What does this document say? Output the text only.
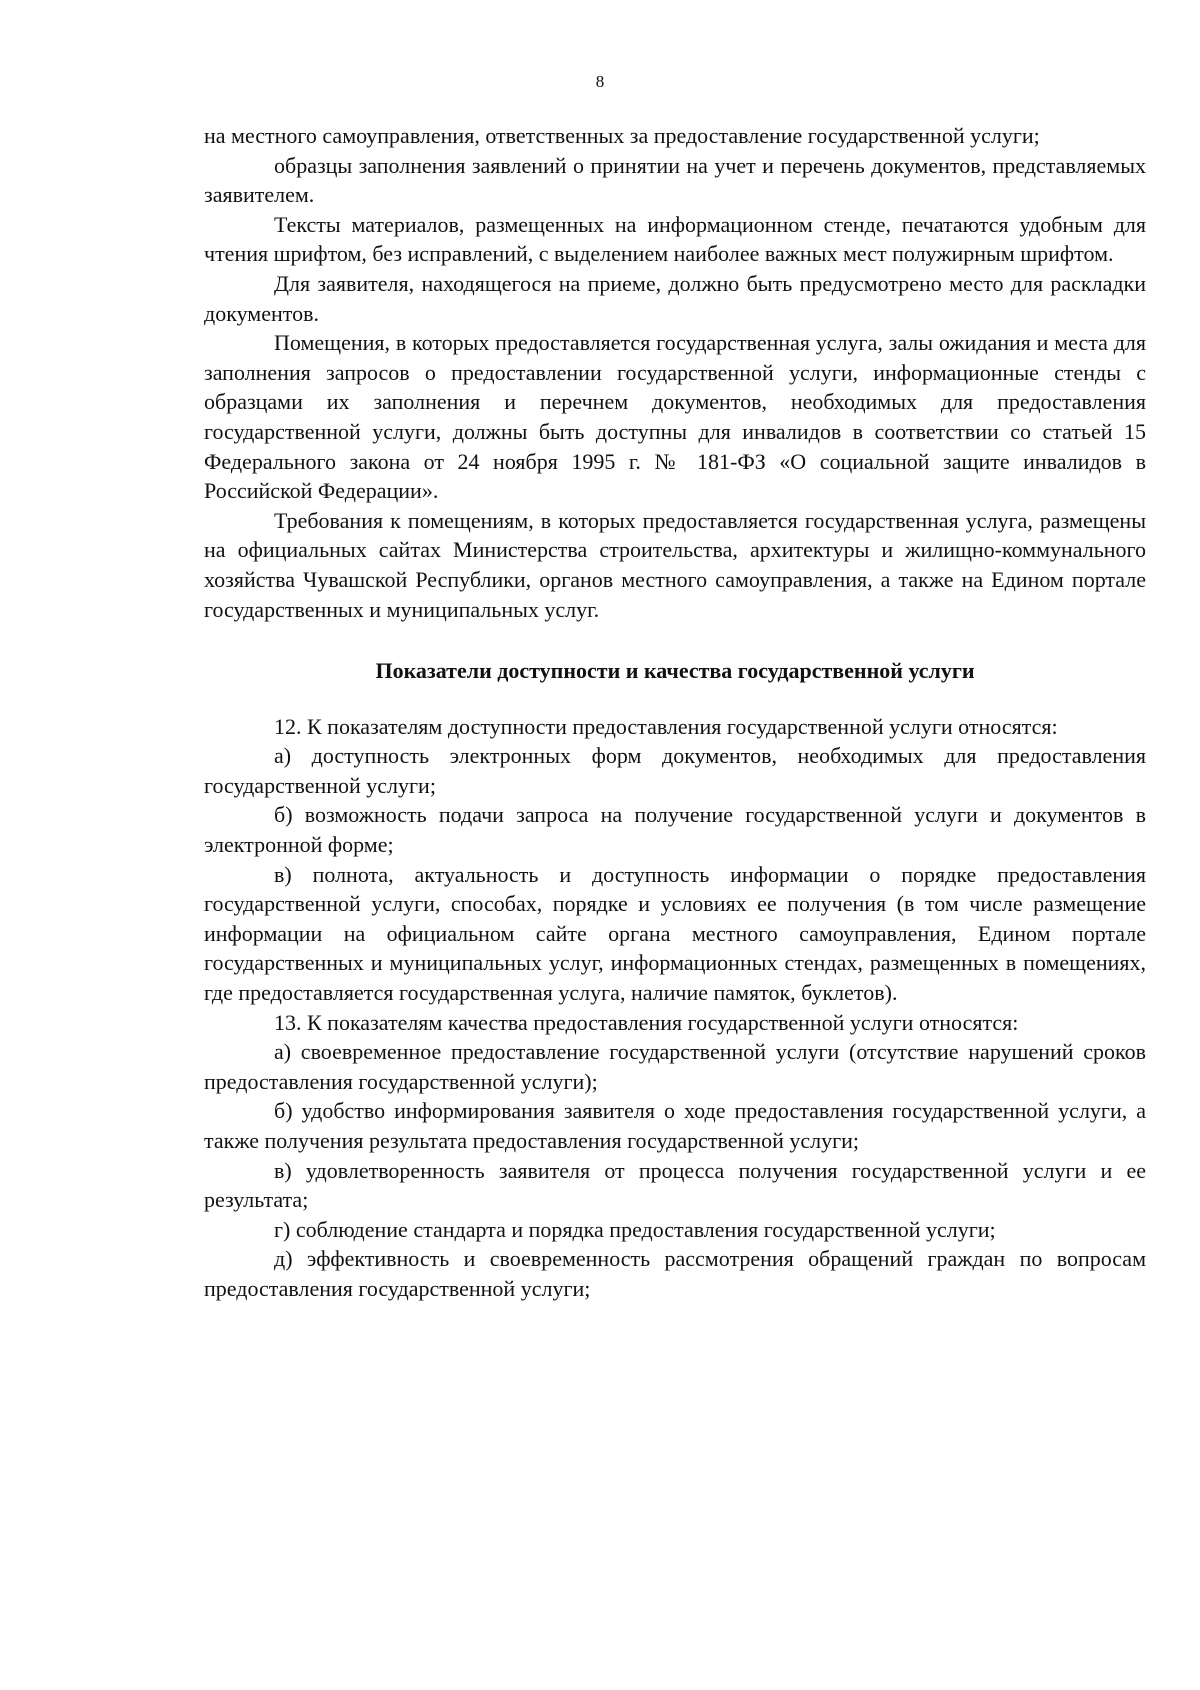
8

на местного самоуправления, ответственных за предоставление государственной услуги;

образцы заполнения заявлений о принятии на учет и перечень документов, представляемых заявителем.

Тексты материалов, размещенных на информационном стенде, печатаются удобным для чтения шрифтом, без исправлений, с выделением наиболее важных мест полужирным шрифтом.

Для заявителя, находящегося на приеме, должно быть предусмотрено место для раскладки документов.

Помещения, в которых предоставляется государственная услуга, залы ожидания и места для заполнения запросов о предоставлении государственной услуги, информационные стенды с образцами их заполнения и перечнем документов, необходимых для предоставления государственной услуги, должны быть доступны для инвалидов в соответствии со статьей 15 Федерального закона от 24 ноября 1995 г. № 181-ФЗ «О социальной защите инвалидов в Российской Федерации».

Требования к помещениям, в которых предоставляется государственная услуга, размещены на официальных сайтах Министерства строительства, архитектуры и жилищно-коммунального хозяйства Чувашской Республики, органов местного самоуправления, а также на Едином портале государственных и муниципальных услуг.

Показатели доступности и качества государственной услуги

12. К показателям доступности предоставления государственной услуги относятся:

а) доступность электронных форм документов, необходимых для предоставления государственной услуги;

б) возможность подачи запроса на получение государственной услуги и документов в электронной форме;

в) полнота, актуальность и доступность информации о порядке предоставления государственной услуги, способах, порядке и условиях ее получения (в том числе размещение информации на официальном сайте органа местного самоуправления, Едином портале государственных и муниципальных услуг, информационных стендах, размещенных в помещениях, где предоставляется государственная услуга, наличие памяток, буклетов).

13. К показателям качества предоставления государственной услуги относятся:

а) своевременное предоставление государственной услуги (отсутствие нарушений сроков предоставления государственной услуги);

б) удобство информирования заявителя о ходе предоставления государственной услуги, а также получения результата предоставления государственной услуги;

в) удовлетворенность заявителя от процесса получения государственной услуги и ее результата;

г) соблюдение стандарта и порядка предоставления государственной услуги;

д) эффективность и своевременность рассмотрения обращений граждан по вопросам предоставления государственной услуги;
